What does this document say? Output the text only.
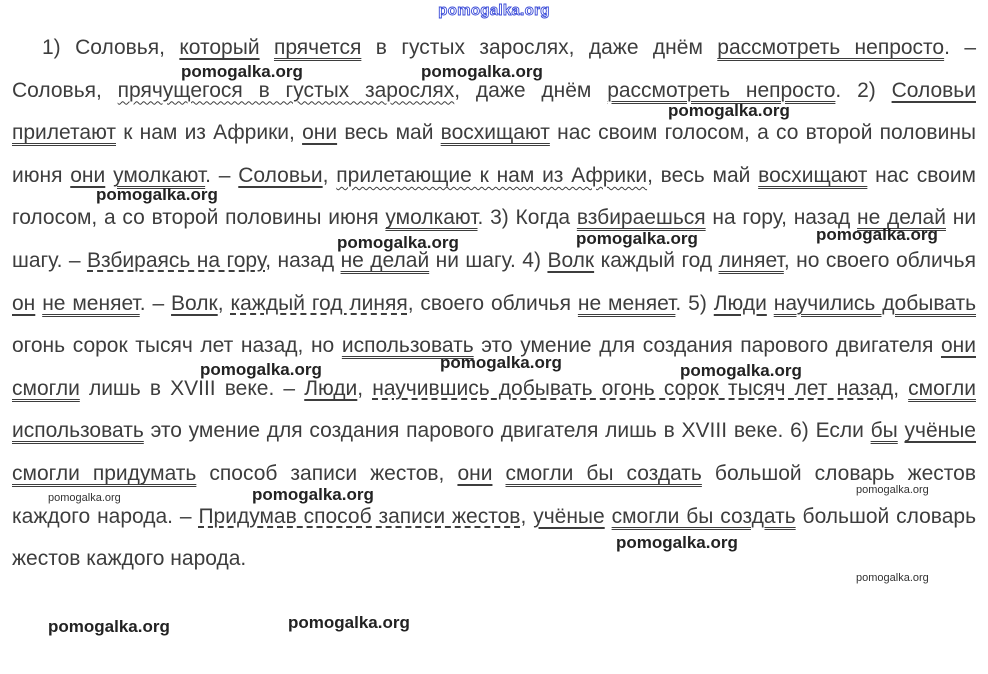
pomogalka.org
1) Соловья, который прячется в густых зарослях, даже днём рассмотреть непросто. – Соловья, прячущегося в густых зарослях, даже днём рассмотреть непросто. 2) Соловьи прилетают к нам из Африки, они весь май восхищают нас своим голосом, а со второй половины июня они умолкают. – Соловьи, прилетающие к нам из Африки, весь май восхищают нас своим голосом, а со второй половины июня умолкают. 3) Когда взбираешься на гору, назад не делай ни шагу. – Взбираясь на гору, назад не делай ни шагу. 4) Волк каждый год линяет, но своего обличья он не меняет. – Волк, каждый год линяя, своего обличья не меняет. 5) Люди научились добывать огонь сорок тысяч лет назад, но использовать это умение для создания парового двигателя они смогли лишь в XVIII веке. – Люди, научившись добывать огонь сорок тысяч лет назад, смогли использовать это умение для создания парового двигателя лишь в XVIII веке. 6) Если бы учёные смогли придумать способ записи жестов, они смогли бы создать большой словарь жестов каждого народа. – Придумав способ записи жестов, учёные смогли бы создать большой словарь жестов каждого народа.
pomogalka.org	pomogalka.org
pomogalka.org
pomogalka.org
pomogalka.org	pomogalka.org	pomogalka.org
pomogalka.org
pomogalka.org	pomogalka.org
pomogalka.org	pomogalka.org	pomogalka.org
pomogalka.org
pomogalka.org
pomogalka.org	pomogalka.org
